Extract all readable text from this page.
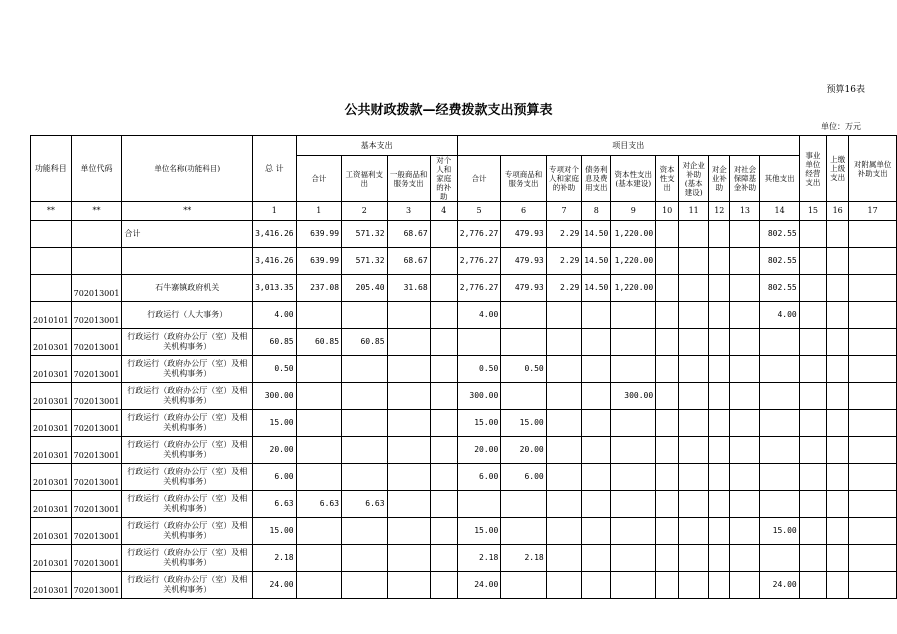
预算16表
公共财政拨款—经费拨款支出预算表
单位：万元
功能科目	单位代码	单位名称(功能科目)	总 计	基本支出				项目支出										事业单位经营支出	上缴上级支出	对附属单位补助支出
				合计	工资福利支出	一般商品和服务支出	对个人和家庭的补助	合计	专项商品和服务支出	专项对个人和家庭的补助	债务利息及费用支出	资本性支出(基本建设)	资本性支出	对企业补助(基本建设)	对企业补助	对社会保障基金补助	其他支出			
**	**	**	1	1	2	3	4	5	6	7	8	9	10	11	12	13	14	15	16	17
		合计	3,416.26	639.99	571.32	68.67		2,776.27	479.93	2.29	14.50	1,220.00					802.55			
			3,416.26	639.99	571.32	68.67		2,776.27	479.93	2.29	14.50	1,220.00					802.55			
	702013001	石牛寨镇政府机关	3,013.35	237.08	205.40	31.68		2,776.27	479.93	2.29	14.50	1,220.00					802.55			
2010101	702013001	行政运行（人大事务）	4.00					4.00									4.00			
2010301	702013001	行政运行（政府办公厅（室）及相关机构事务）	60.85	60.85	60.85															
2010301	702013001	行政运行（政府办公厅（室）及相关机构事务）	0.50					0.50	0.50											
2010301	702013001	行政运行（政府办公厅（室）及相关机构事务）	300.00					300.00				300.00								
2010301	702013001	行政运行（政府办公厅（室）及相关机构事务）	15.00					15.00	15.00											
2010301	702013001	行政运行（政府办公厅（室）及相关机构事务）	20.00					20.00	20.00											
2010301	702013001	行政运行（政府办公厅（室）及相关机构事务）	6.00					6.00	6.00											
2010301	702013001	行政运行（政府办公厅（室）及相关机构事务）	6.63	6.63	6.63															
2010301	702013001	行政运行（政府办公厅（室）及相关机构事务）	15.00					15.00									15.00			
2010301	702013001	行政运行（政府办公厅（室）及相关机构事务）	2.18					2.18	2.18											
2010301	702013001	行政运行（政府办公厅（室）及相关机构事务）	24.00					24.00									24.00			
